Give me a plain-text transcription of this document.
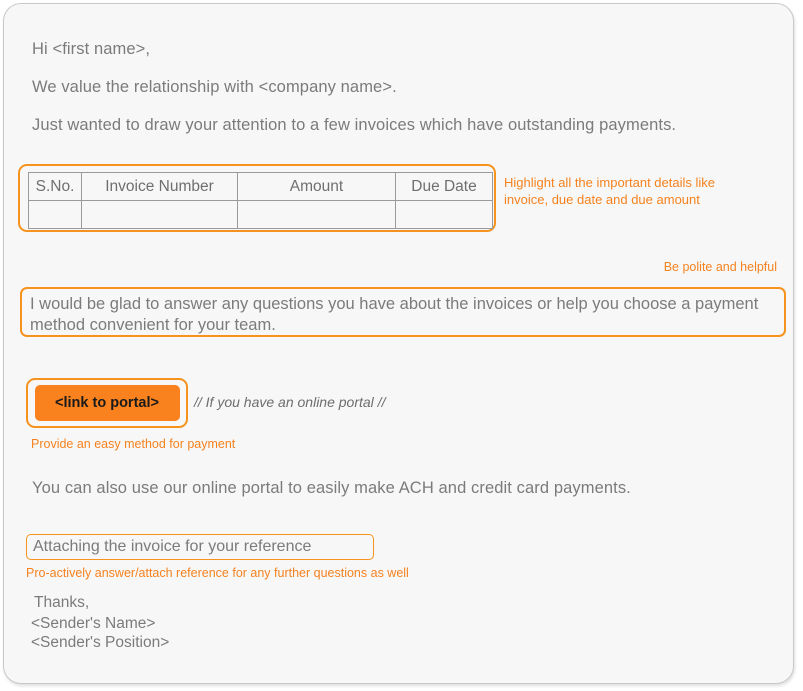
Hi <first name>,
We value the relationship with <company name>.
Just wanted to draw your attention to a few invoices which have outstanding payments.
S.No.	Invoice Number	Amount	Due Date
			Highlight all the important details like invoice, due date and due amount
Be polite and helpful
I would be glad to answer any questions you have about the invoices or help you choose a payment method convenient for your team.
<link to portal>	// If you have an online portal //
Provide an easy method for payment
You can also use our online portal to easily make ACH and credit card payments.
Attaching the invoice for your reference
Pro-actively answer/attach reference for any further questions as well
Thanks,
<Sender's Name>
<Sender's Position>
